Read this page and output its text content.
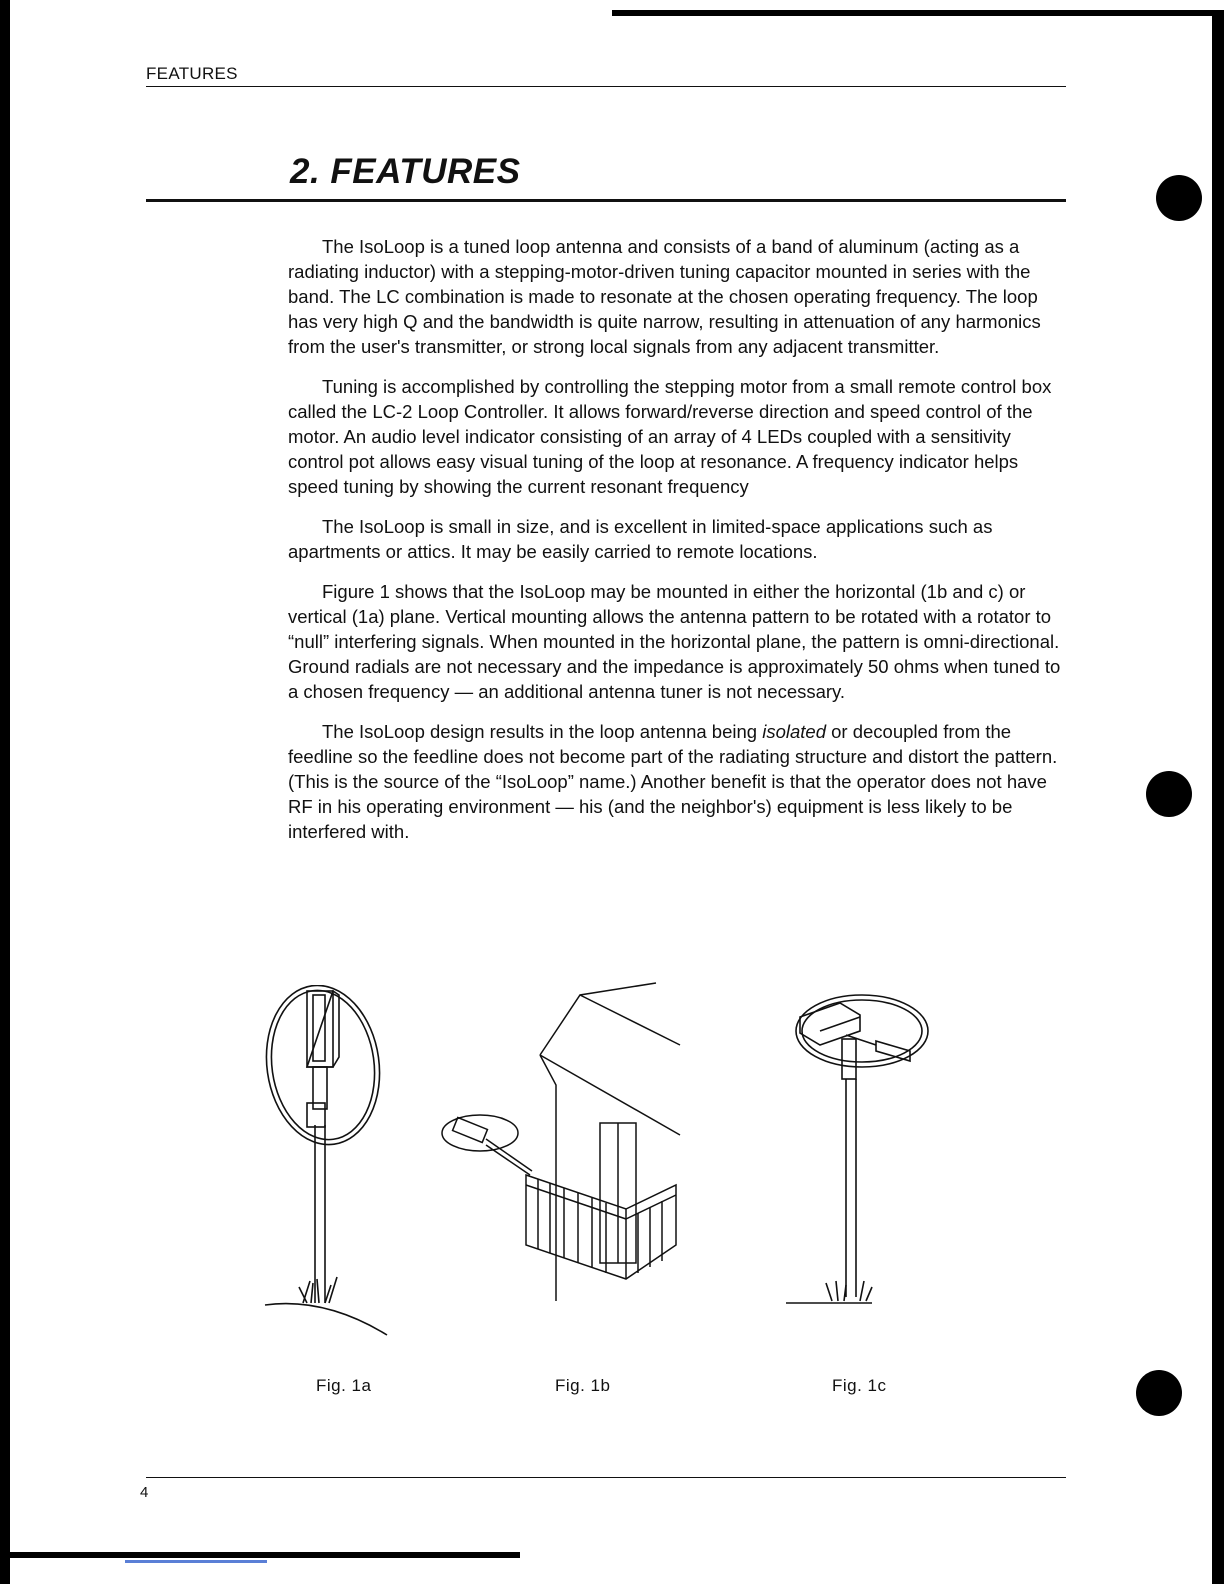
FEATURES
2. FEATURES

The IsoLoop is a tuned loop antenna and consists of a band of aluminum (acting as a radiating inductor) with a stepping-motor-driven tuning capacitor mounted in series with the band. The LC combination is made to resonate at the chosen operating frequency. The loop has very high Q and the bandwidth is quite narrow, resulting in attenuation of any harmonics from the user's transmitter, or strong local signals from any adjacent transmitter.

Tuning is accomplished by controlling the stepping motor from a small remote control box called the LC-2 Loop Controller. It allows forward/reverse direction and speed control of the motor. An audio level indicator consisting of an array of 4 LEDs coupled with a sensitivity control pot allows easy visual tuning of the loop at resonance. A frequency indicator helps speed tuning by showing the current resonant frequency

The IsoLoop is small in size, and is excellent in limited-space applications such as apartments or attics. It may be easily carried to remote locations.

Figure 1 shows that the IsoLoop may be mounted in either the horizontal (1b and c) or vertical (1a) plane. Vertical mounting allows the antenna pattern to be rotated with a rotator to “null” interfering signals. When mounted in the horizontal plane, the pattern is omni-directional. Ground radials are not necessary and the impedance is approximately 50 ohms when tuned to a chosen frequency — an additional antenna tuner is not necessary.

The IsoLoop design results in the loop antenna being isolated or decoupled from the feedline so the feedline does not become part of the radiating structure and distort the pattern. (This is the source of the “IsoLoop” name.) Another benefit is that the operator does not have RF in his operating environment — his (and the neighbor's) equipment is less likely to be interfered with.

Fig. 1a	Fig. 1b	Fig. 1c
4
